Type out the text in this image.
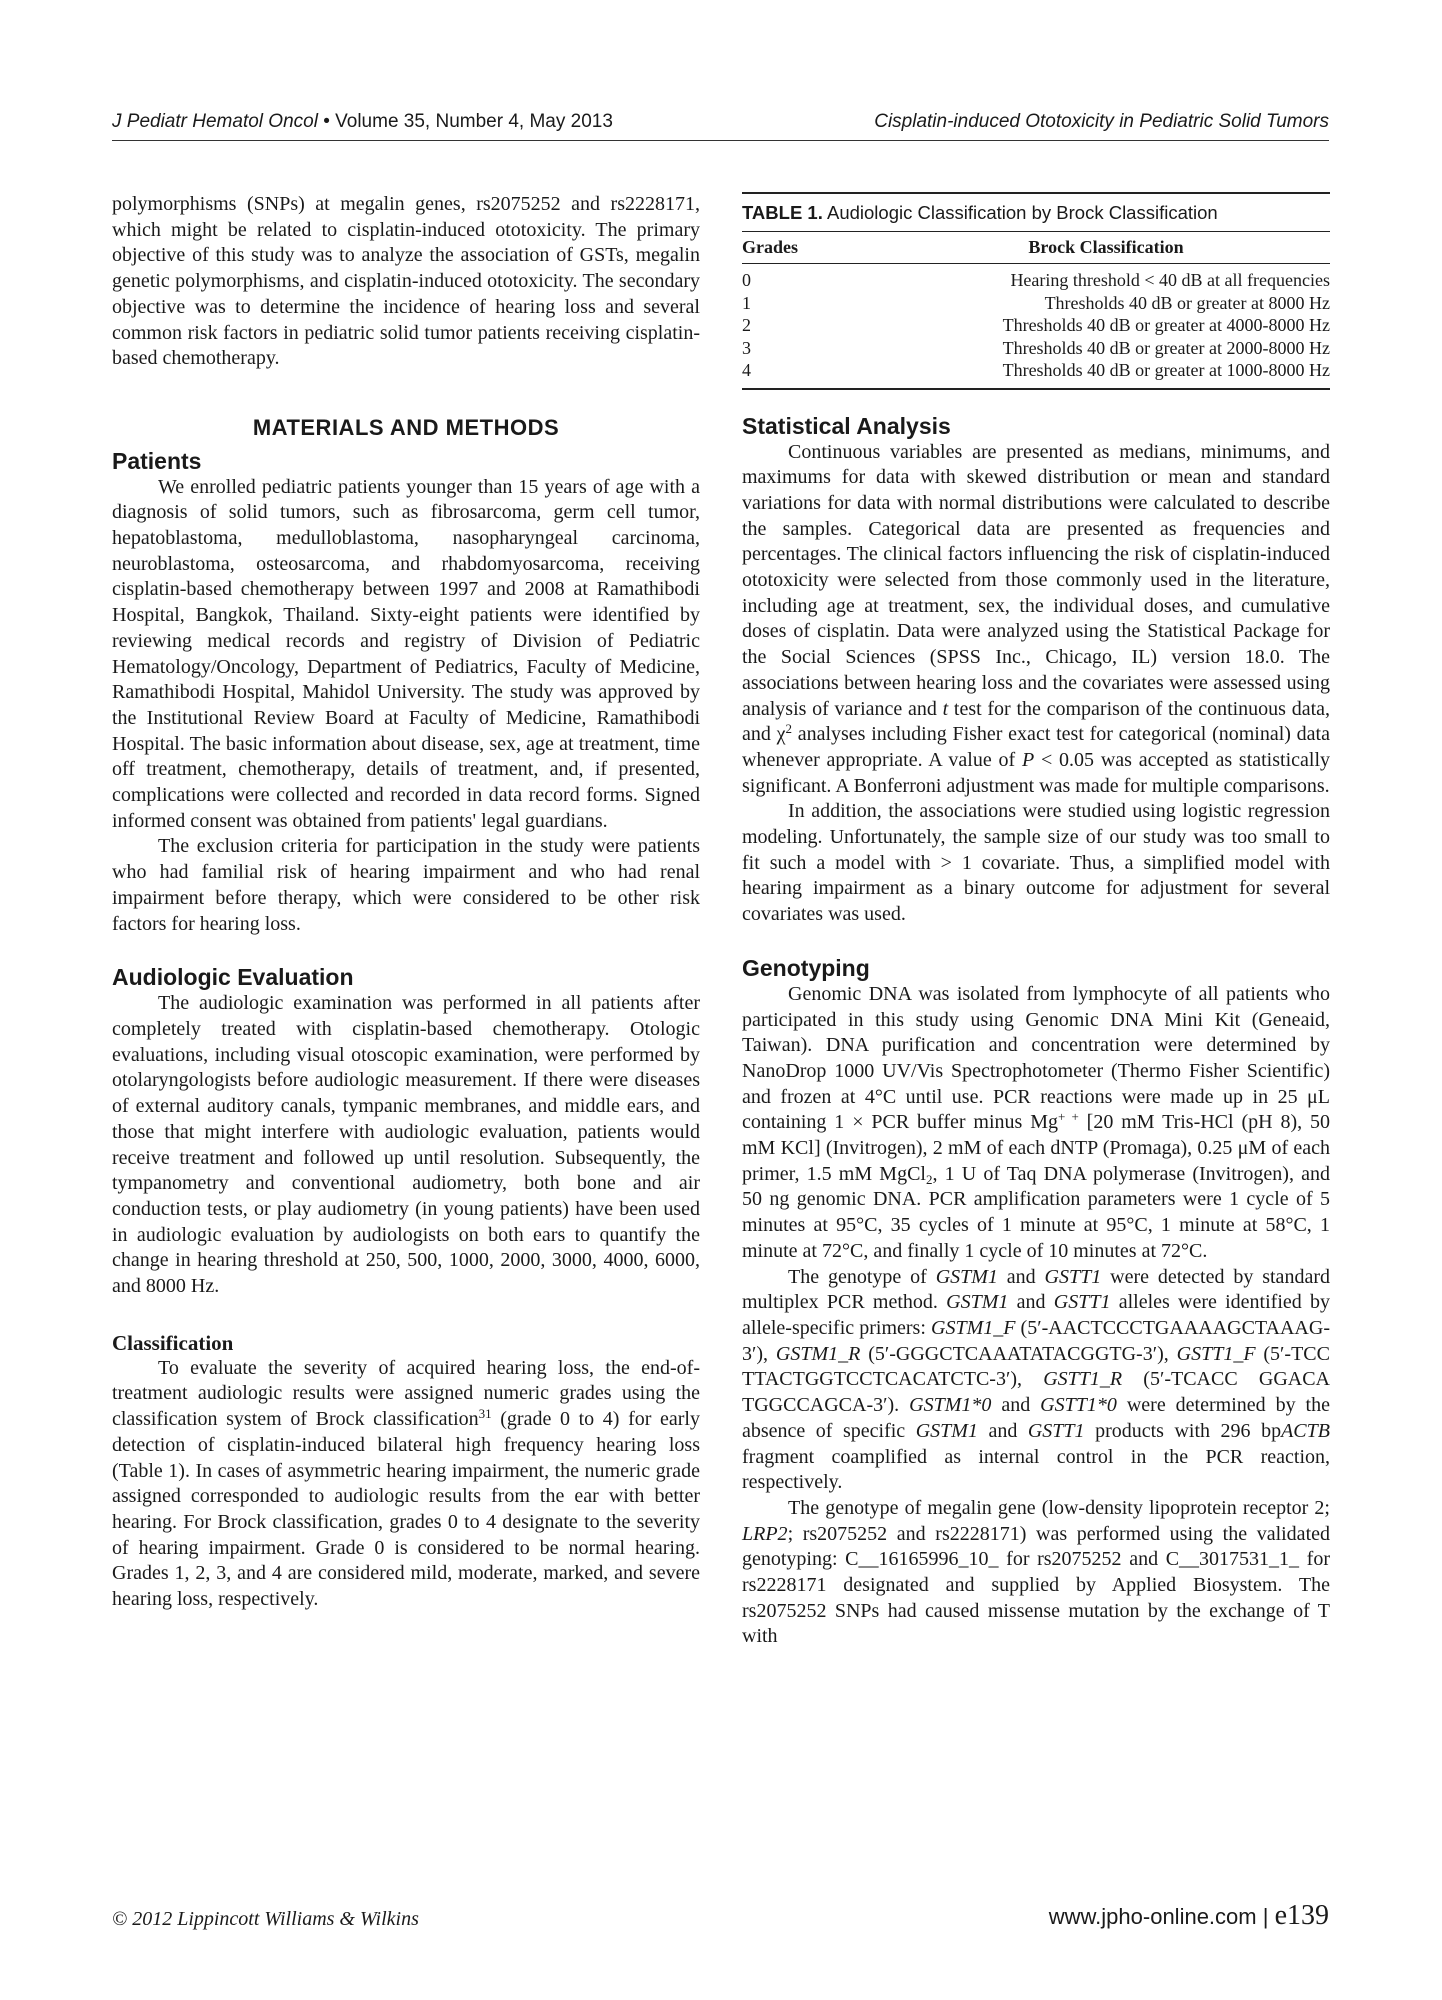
J Pediatr Hematol Oncol • Volume 35, Number 4, May 2013	Cisplatin-induced Ototoxicity in Pediatric Solid Tumors

polymorphisms (SNPs) at megalin genes, rs2075252 and rs2228171, which might be related to cisplatin-induced ototoxicity. The primary objective of this study was to analyze the association of GSTs, megalin genetic polymorphisms, and cisplatin-induced ototoxicity. The secondary objective was to determine the incidence of hearing loss and several common risk factors in pediatric solid tumor patients receiving cisplatin-based chemotherapy.

MATERIALS AND METHODS
Patients

We enrolled pediatric patients younger than 15 years of age with a diagnosis of solid tumors, such as fibrosarcoma, germ cell tumor, hepatoblastoma, medulloblastoma, nasopharyngeal carcinoma, neuroblastoma, osteosarcoma, and rhabdomyosarcoma, receiving cisplatin-based chemotherapy between 1997 and 2008 at Ramathibodi Hospital, Bangkok, Thailand. Sixty-eight patients were identified by reviewing medical records and registry of Division of Pediatric Hematology/Oncology, Department of Pediatrics, Faculty of Medicine, Ramathibodi Hospital, Mahidol University. The study was approved by the Institutional Review Board at Faculty of Medicine, Ramathibodi Hospital. The basic information about disease, sex, age at treatment, time off treatment, chemotherapy, details of treatment, and, if presented, complications were collected and recorded in data record forms. Signed informed consent was obtained from patients' legal guardians.

The exclusion criteria for participation in the study were patients who had familial risk of hearing impairment and who had renal impairment before therapy, which were considered to be other risk factors for hearing loss.

Audiologic Evaluation

The audiologic examination was performed in all patients after completely treated with cisplatin-based chemotherapy. Otologic evaluations, including visual otoscopic examination, were performed by otolaryngologists before audiologic measurement. If there were diseases of external auditory canals, tympanic membranes, and middle ears, and those that might interfere with audiologic evaluation, patients would receive treatment and followed up until resolution. Subsequently, the tympanometry and conventional audiometry, both bone and air conduction tests, or play audiometry (in young patients) have been used in audiologic evaluation by audiologists on both ears to quantify the change in hearing threshold at 250, 500, 1000, 2000, 3000, 4000, 6000, and 8000 Hz.

Classification

To evaluate the severity of acquired hearing loss, the end-of-treatment audiologic results were assigned numeric grades using the classification system of Brock classification$^{31}$ (grade 0 to 4) for early detection of cisplatin-induced bilateral high frequency hearing loss (Table 1). In cases of asymmetric hearing impairment, the numeric grade assigned corresponded to audiologic results from the ear with better hearing. For Brock classification, grades 0 to 4 designate to the severity of hearing impairment. Grade 0 is considered to be normal hearing. Grades 1, 2, 3, and 4 are considered mild, moderate, marked, and severe hearing loss, respectively.

TABLE 1. Audiologic Classification by Brock Classification
Grades	Brock Classification
0	Hearing threshold < 40 dB at all frequencies
1	Thresholds 40 dB or greater at 8000 Hz
2	Thresholds 40 dB or greater at 4000-8000 Hz
3	Thresholds 40 dB or greater at 2000-8000 Hz
4	Thresholds 40 dB or greater at 1000-8000 Hz
Statistical Analysis

Continuous variables are presented as medians, minimums, and maximums for data with skewed distribution or mean and standard variations for data with normal distributions were calculated to describe the samples. Categorical data are presented as frequencies and percentages. The clinical factors influencing the risk of cisplatin-induced ototoxicity were selected from those commonly used in the literature, including age at treatment, sex, the individual doses, and cumulative doses of cisplatin. Data were analyzed using the Statistical Package for the Social Sciences (SPSS Inc., Chicago, IL) version 18.0. The associations between hearing loss and the covariates were assessed using analysis of variance and t test for the comparison of the continuous data, and $\chi^2$ analyses including Fisher exact test for categorical (nominal) data whenever appropriate. A value of P < 0.05 was accepted as statistically significant. A Bonferroni adjustment was made for multiple comparisons.

In addition, the associations were studied using logistic regression modeling. Unfortunately, the sample size of our study was too small to fit such a model with > 1 covariate. Thus, a simplified model with hearing impairment as a binary outcome for adjustment for several covariates was used.

Genotyping

Genomic DNA was isolated from lymphocyte of all patients who participated in this study using Genomic DNA Mini Kit (Geneaid, Taiwan). DNA purification and concentration were determined by NanoDrop 1000 UV/Vis Spectrophotometer (Thermo Fisher Scientific) and frozen at 4°C until use. PCR reactions were made up in 25 μL containing 1 × PCR buffer minus Mg+ + [20 mM Tris-HCl (pH 8), 50 mM KCl] (Invitrogen), 2 mM of each dNTP (Promaga), 0.25 μM of each primer, 1.5 mM MgCl$_2$, 1 U of Taq DNA polymerase (Invitrogen), and 50 ng genomic DNA. PCR amplification parameters were 1 cycle of 5 minutes at 95°C, 35 cycles of 1 minute at 95°C, 1 minute at 58°C, 1 minute at 72°C, and finally 1 cycle of 10 minutes at 72°C.

The genotype of GSTM1 and GSTT1 were detected by standard multiplex PCR method. GSTM1 and GSTT1 alleles were identified by allele-specific primers: GSTM1_F (5′-AACTCCCTGAAAAGCTAAAG-3′), GSTM1_R (5′-GGGCTCAAATATACGGTG-3′), GSTT1_F (5′-TCC TTACTGGTCCTCACATCTC-3′), GSTT1_R (5′-TCACC GGACA TGGCCAGCA-3′). GSTM1*0 and GSTT1*0 were determined by the absence of specific GSTM1 and GSTT1 products with 296 bpACTB fragment coamplified as internal control in the PCR reaction, respectively.

The genotype of megalin gene (low-density lipoprotein receptor 2; LRP2; rs2075252 and rs2228171) was performed using the validated genotyping: C__16165996_10_ for rs2075252 and C__3017531_1_ for rs2228171 designated and supplied by Applied Biosystem. The rs2075252 SNPs had caused missense mutation by the exchange of T with

© 2012 Lippincott Williams & Wilkins	www.jpho-online.com | e139
